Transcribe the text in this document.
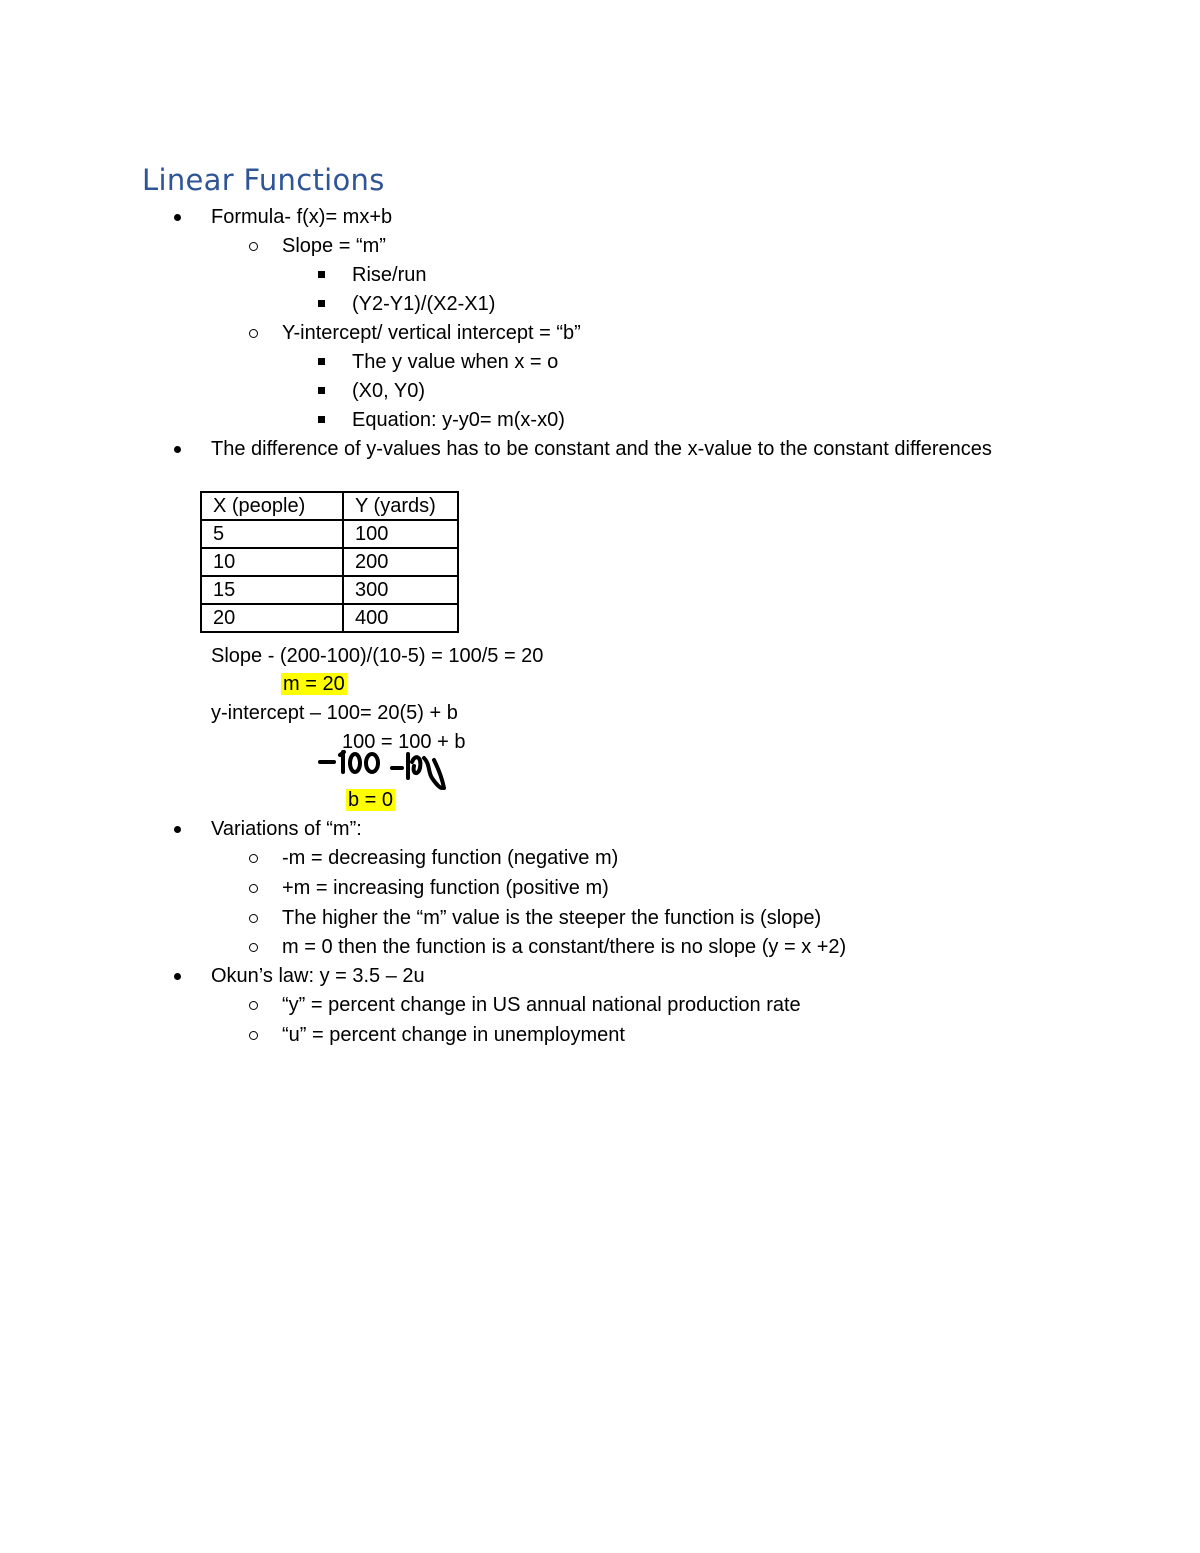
Linear Functions
Formula- f(x)= mx+b
Slope = “m”
Rise/run
(Y2-Y1)/(X2-X1)
Y-intercept/ vertical intercept = “b”
The y value when x = o
(X0, Y0)
Equation: y-y0= m(x-x0)
The difference of y-values has to be constant and the x-value to the constant differences
X (people)	Y (yards)
5	100
10	200
15	300
20	400
Slope - (200-100)/(10-5) = 100/5 = 20
m = 20
y-intercept – 100= 20(5) + b
100 = 100 + b
b = 0
Variations of “m”:
-m = decreasing function (negative m)
+m = increasing function (positive m)
The higher the “m” value is the steeper the function is (slope)
m = 0 then the function is a constant/there is no slope (y = x +2)
Okun’s law: y = 3.5 – 2u
“y” = percent change in US annual national production rate
“u” = percent change in unemployment
